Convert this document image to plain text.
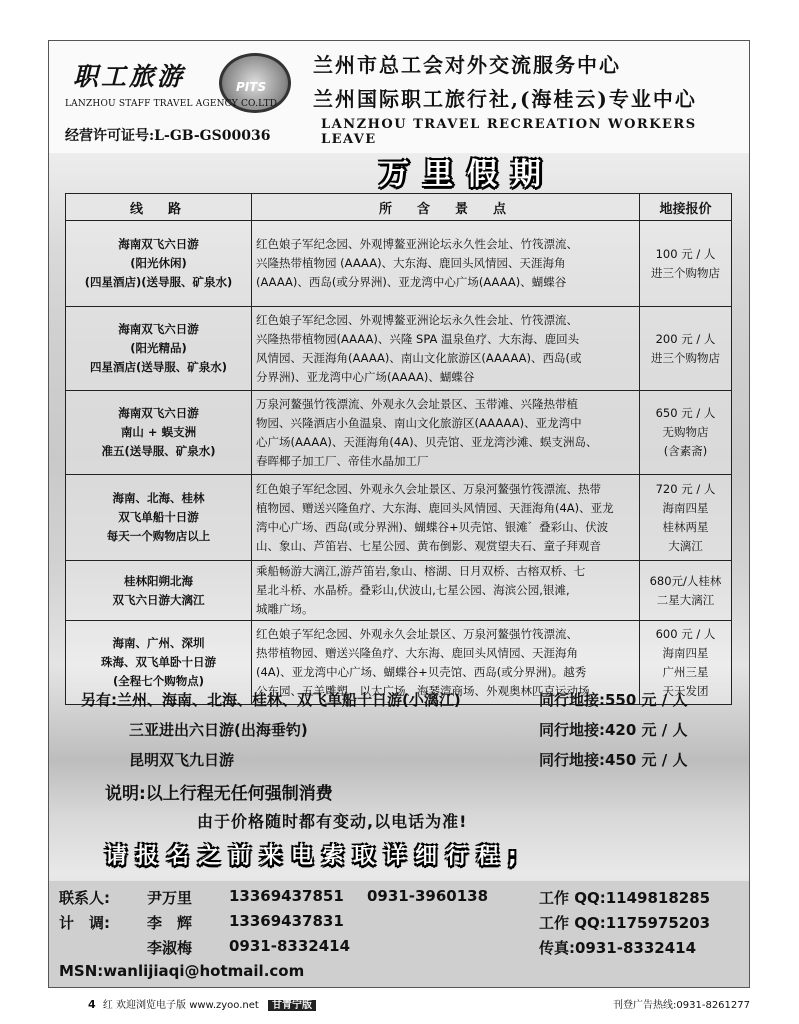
职工旅游	PITS
LANZHOU STAFF TRAVEL AGENCY CO.LTD
经营许可证号:L-GB-GS00036
兰州市总工会对外交流服务中心
兰州国际职工旅行社,(海桂云)专业中心
LANZHOU TRAVEL RECREATION WORKERS LEAVE
万里假期
线　路	所　含　景　点	地接报价

海南双飞六日游
(阳光休闲)
(四星酒店)(送导服、矿泉水)	红色娘子军纪念园、外观博鳌亚洲论坛永久性会址、竹筏漂流、
兴隆热带植物园 (AAAA)、大东海、鹿回头风情园、天涯海角
(AAAA)、西岛(或分界洲)、亚龙湾中心广场(AAAA)、蝴蝶谷	100 元 / 人
进三个购物店

海南双飞六日游
(阳光精品)
四星酒店(送导服、矿泉水)	红色娘子军纪念园、外观博鳌亚洲论坛永久性会址、竹筏漂流、
兴隆热带植物园(AAAA)、兴隆 SPA 温泉鱼疗、大东海、鹿回头
风情园、天涯海角(AAAA)、南山文化旅游区(AAAAA)、西岛(或
分界洲)、亚龙湾中心广场(AAAA)、蝴蝶谷	200 元 / 人
进三个购物店

海南双飞六日游
南山 + 蜈支洲
准五(送导服、矿泉水)	万泉河鳌强竹筏漂流、外观永久会址景区、玉带滩、兴隆热带植
物园、兴隆酒店小鱼温泉、南山文化旅游区(AAAAA)、亚龙湾中
心广场(AAAA)、天涯海角(4A)、贝壳馆、亚龙湾沙滩、蜈支洲岛、
春晖椰子加工厂、帝佳水晶加工厂	650 元 / 人
无购物店
(含素斋)

海南、北海、桂林
双飞单船十日游
每天一个购物店以上	红色娘子军纪念园、外观永久会址景区、万泉河鳌强竹筏漂流、热带
植物园、赠送兴隆鱼疗、大东海、鹿回头风情园、天涯海角(4A)、亚龙
湾中心广场、西岛(或分界洲)、蝴蝶谷+贝壳馆、银滩゛叠彩山、伏波
山、象山、芦笛岩、七星公园、黄布倒影、观赏望夫石、童子拜观音	720 元 / 人
海南四星
桂林两星
大漓江

桂林阳朔北海
双飞六日游大漓江	乘船畅游大漓江,游芦笛岩,象山、榕湖、日月双桥、古榕双桥、七
星北斗桥、水晶桥。叠彩山,伏波山,七星公园、海滨公园,银滩,
城雕广场。	680元/人桂林
二星大漓江

海南、广州、深圳
珠海、双飞单卧十日游
(全程七个购物点)	红色娘子军纪念园、外观永久会址景区、万泉河鳌强竹筏漂流、
热带植物园、赠送兴隆鱼疗、大东海、鹿回头风情园、天涯海角
(4A)、亚龙湾中心广场、蝴蝶谷+贝壳馆、西岛(或分界洲)。越秀
公东园、五羊雕塑、以太广场、海琴湾商场、外观奥林匹克运动场	600 元 / 人
海南四星
广州三星
天天发团
另有:兰州、海南、北海、桂林、双飞单船十日游(小漓江)	同行地接:550 元 / 人
三亚进出六日游(出海垂钓)	同行地接:420 元 / 人
昆明双飞九日游	同行地接:450 元 / 人
说明:以上行程无任何强制消费
由于价格随时都有变动,以电话为准!
请报名之前来电索取详细行程;
联系人: 尹万里 13369437851 0931-3960138	工作 QQ:1149818285
计　调: 李　辉 13369437831	工作 QQ:1175975203
李淑梅 0931-8332414	传真:0931-8332414
MSN:wanlijiaqi@hotmail.com
4 红 欢迎浏览电子版 www.zyoo.net 甘青宁版	刊登广告热线:0931-8261277
